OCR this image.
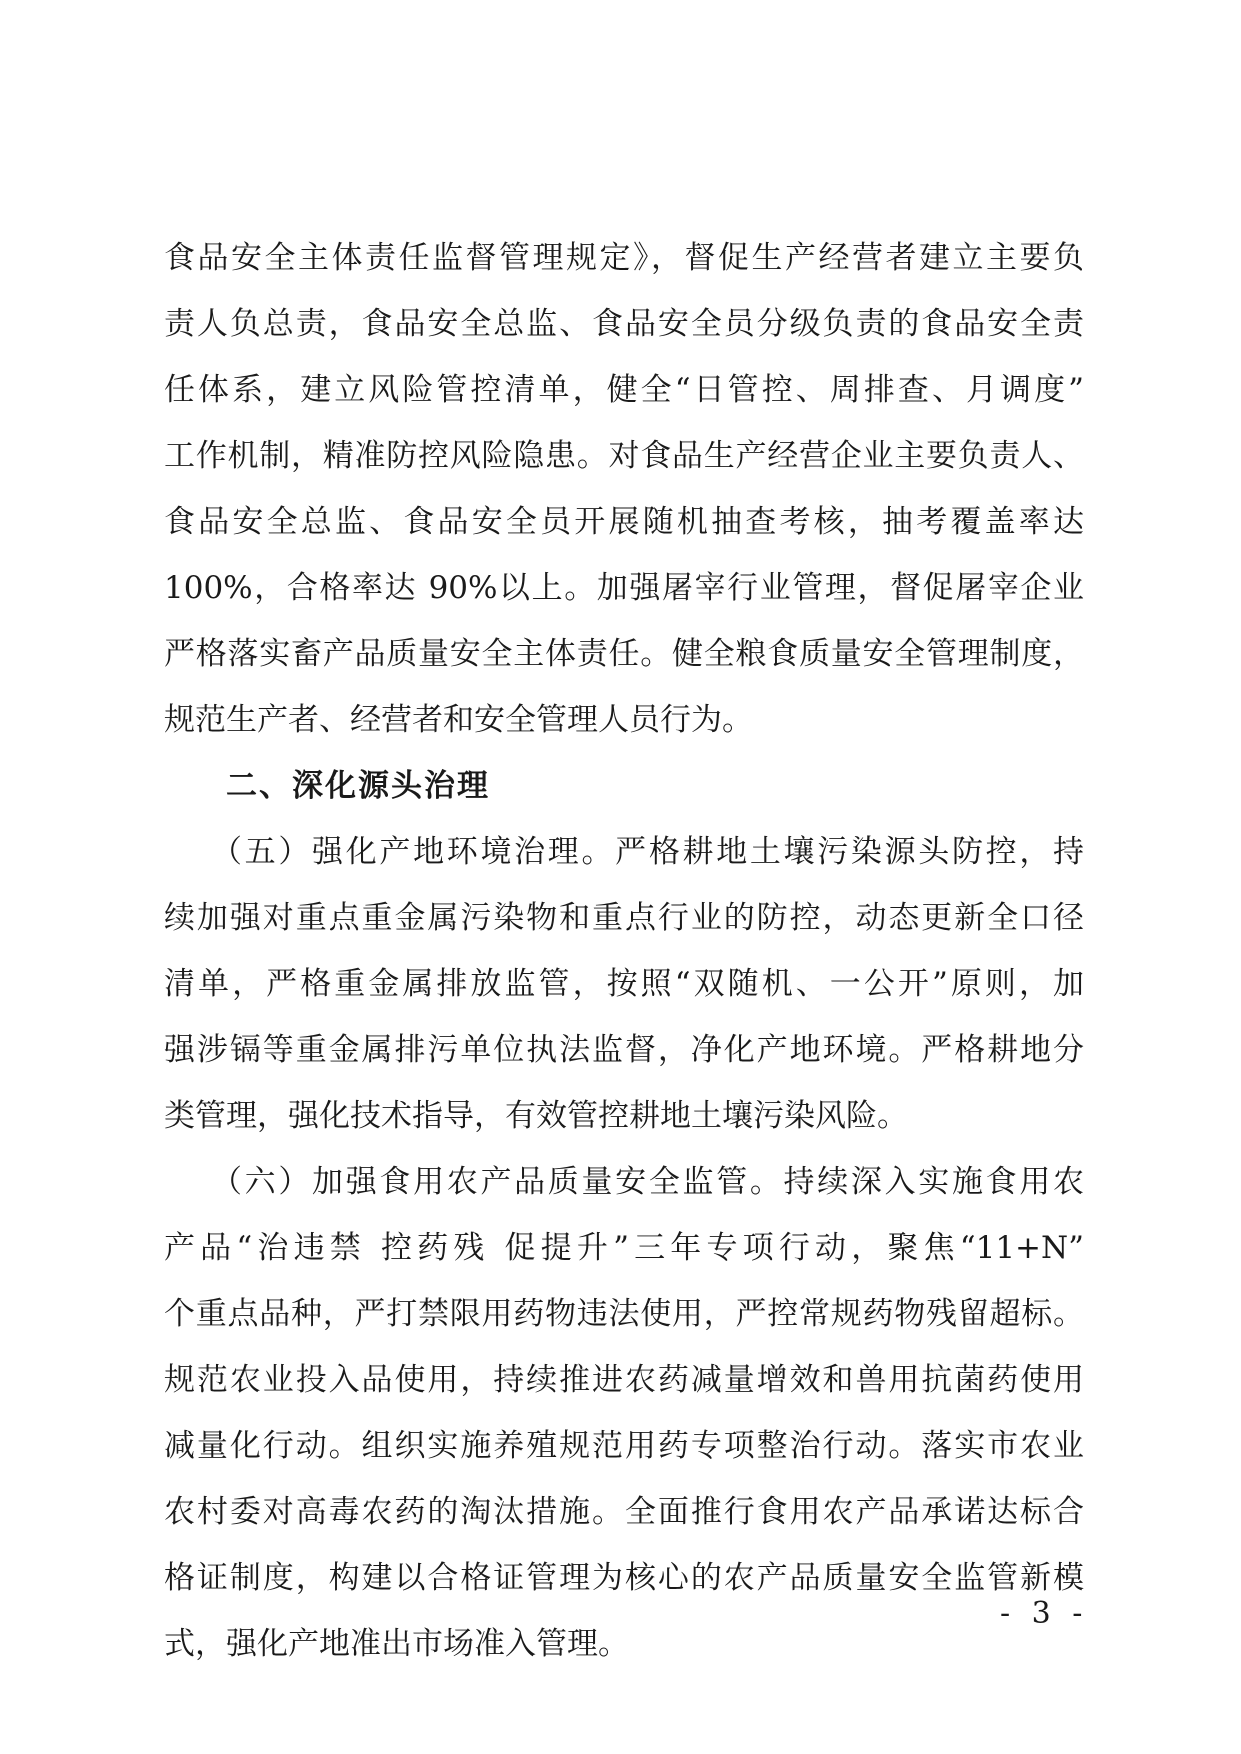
食品安全主体责任监督管理规定》，督促生产经营者建立主要负
责人负总责，食品安全总监、食品安全员分级负责的食品安全责
任体系，建立风险管控清单，健全“日管控、周排查、月调度”
工作机制，精准防控风险隐患。对食品生产经营企业主要负责人、
食品安全总监、食品安全员开展随机抽查考核，抽考覆盖率达
100%，合格率达 90%以上。加强屠宰行业管理，督促屠宰企业
严格落实畜产品质量安全主体责任。健全粮食质量安全管理制度，
规范生产者、经营者和安全管理人员行为。
二、深化源头治理
（五）强化产地环境治理。严格耕地土壤污染源头防控，持
续加强对重点重金属污染物和重点行业的防控，动态更新全口径
清单，严格重金属排放监管，按照“双随机、一公开”原则，加
强涉镉等重金属排污单位执法监督，净化产地环境。严格耕地分
类管理，强化技术指导，有效管控耕地土壤污染风险。
（六）加强食用农产品质量安全监管。持续深入实施食用农
产品“治违禁 控药残 促提升”三年专项行动，聚焦“11+N”
个重点品种，严打禁限用药物违法使用，严控常规药物残留超标。
规范农业投入品使用，持续推进农药减量增效和兽用抗菌药使用
减量化行动。组织实施养殖规范用药专项整治行动。落实市农业
农村委对高毒农药的淘汰措施。全面推行食用农产品承诺达标合
格证制度，构建以合格证管理为核心的农产品质量安全监管新模
式，强化产地准出市场准入管理。
- 3 -
